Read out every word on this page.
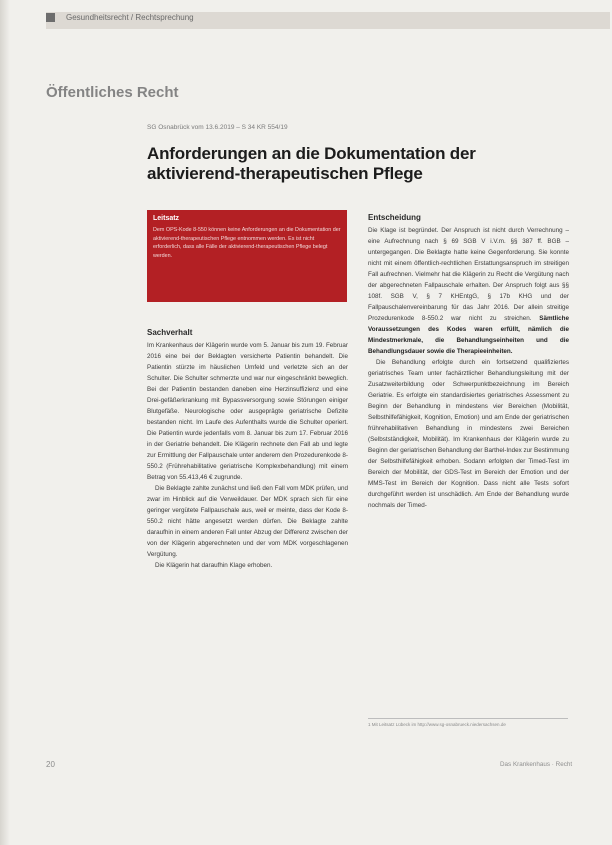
Gesundheitsrecht / Rechtsprechung
Öffentliches Recht
SG Osnabrück vom 13.6.2019 – S 34 KR 554/19
Anforderungen an die Dokumentation der aktivierend-therapeutischen Pflege
Leitsatz
Dem OPS-Kode 8-550 können keine Anforderungen an die Dokumentation der aktivierend-therapeutischen Pflege entnommen werden. Es ist nicht erforderlich, dass alle Fälle der aktivierend-therapeutischen Pflege belegt werden.
Sachverhalt

Im Krankenhaus der Klägerin wurde vom 5. Januar bis zum 19. Februar 2016 eine bei der Beklagten versicherte Patientin behandelt. Die Patientin stürzte im häuslichen Umfeld und verletzte sich an der Schulter. Die Schulter schmerzte und war nur eingeschränkt beweglich. Bei der Patientin bestanden daneben eine Herzinsuffizienz und eine Drei-gefäßerkrankung mit Bypassversorgung sowie Störungen einiger Blutgefäße. Neurologische oder ausgeprägte geriatrische Defizite bestanden nicht. Im Laufe des Aufenthalts wurde die Schulter operiert. Die Patientin wurde jedenfalls vom 8. Januar bis zum 17. Februar 2016 in der Geriatrie behandelt. Die Klägerin rechnete den Fall ab und legte zur Ermittlung der Fallpauschale unter anderem den Prozedurenkode 8-550.2 (Frührehabilitative geriatrische Komplexbehandlung) mit einem Betrag von 55.413,46 € zugrunde.

Die Beklagte zahlte zunächst und ließ den Fall vom MDK prüfen, und zwar im Hinblick auf die Verweildauer. Der MDK sprach sich für eine geringer vergütete Fallpauschale aus, weil er meinte, dass der Kode 8-550.2 nicht hätte angesetzt werden dürfen. Die Beklagte zahlte daraufhin in einem anderen Fall unter Abzug der Differenz zwischen der von der Klägerin abgerechneten und der vom MDK vorgeschlagenen Vergütung.

Die Klägerin hat daraufhin Klage erhoben.

Entscheidung

Die Klage ist begründet. Der Anspruch ist nicht durch Verrechnung – eine Aufrechnung nach § 69 SGB V i.V.m. §§ 387 ff. BGB – untergegangen. Die Beklagte hatte keine Gegenforderung. Sie konnte nicht mit einem öffentlich-rechtlichen Erstattungsanspruch im streitigen Fall aufrechnen. Vielmehr hat die Klägerin zu Recht die Vergütung nach der abgerechneten Fallpauschale erhalten. Der Anspruch folgt aus §§ 108f. SGB V, § 7 KHEntgG, § 17b KHG und der Fallpauschalenvereinbarung für das Jahr 2016. Der allein streitige Prozedurenkode 8-550.2 war nicht zu streichen. Sämtliche Voraussetzungen des Kodes waren erfüllt, nämlich die Mindestmerkmale, die Behandlungseinheiten und die Behandlungsdauer sowie die Therapieeinheiten.

Die Behandlung erfolgte durch ein fortsetzend qualifiziertes geriatrisches Team unter fachärztlicher Behandlungsleitung mit der Zusatzweiterbildung oder Schwerpunktbezeichnung im Bereich Geriatrie. Es erfolgte ein standardisiertes geriatrisches Assessment zu Beginn der Behandlung in mindestens vier Bereichen (Mobilität, Selbsthilfefähigkeit, Kognition, Emotion) und am Ende der geriatrischen frührehabilitativen Behandlung in mindestens zwei Bereichen (Selbstständigkeit, Mobilität). Im Krankenhaus der Klägerin wurde zu Beginn der geriatrischen Behandlung der Barthel-Index zur Bestimmung der Selbsthilfefähigkeit erhoben. Sodann erfolgten der Timed-Test im Bereich der Mobilität, der GDS-Test im Bereich der Emotion und der MMS-Test im Bereich der Kognition. Dass nicht alle Tests sofort durchgeführt werden ist unschädlich. Am Ende der Behandlung wurde nochmals der Timed-

1 Mit Leitsatz Lübeck im http://www.sg-osnabrueck.niedersachsen.de
20	Das Krankenhaus · Recht
